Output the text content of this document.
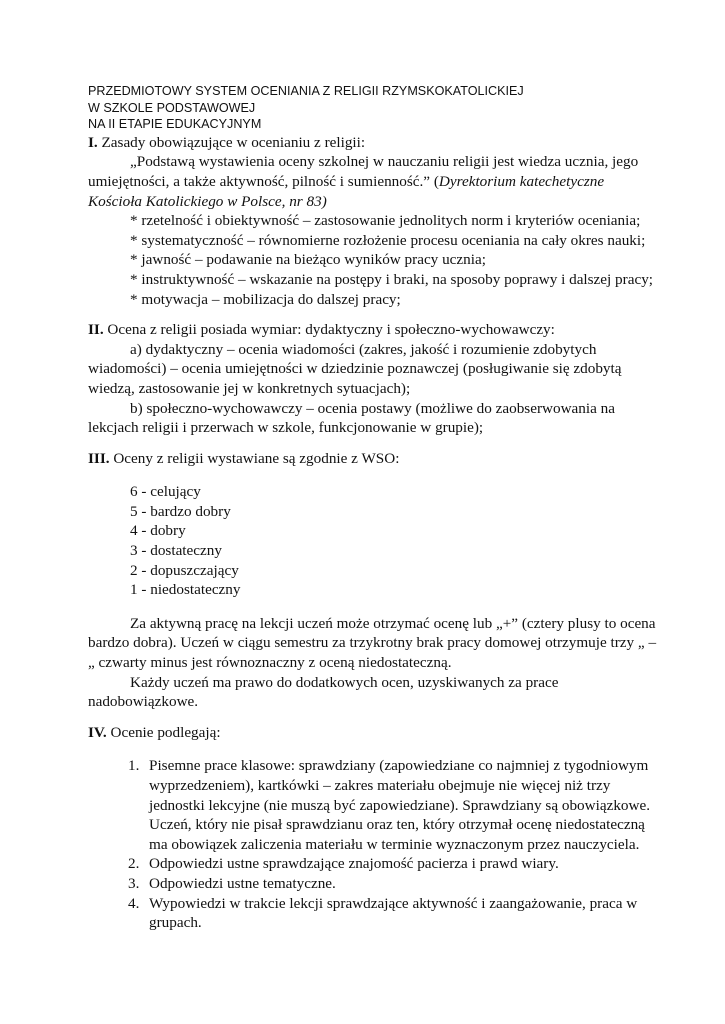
PRZEDMIOTOWY SYSTEM OCENIANIA Z RELIGII RZYMSKOKATOLICKIEJ
W SZKOLE PODSTAWOWEJ
NA II ETAPIE EDUKACYJNYM
I. Zasady obowiązujące w ocenianiu z religii:
„Podstawą wystawienia oceny szkolnej w nauczaniu religii jest wiedza ucznia, jego
umiejętności, a także aktywność, pilność i sumienność.” (Dyrektorium katechetyczne
Kościoła Katolickiego w Polsce, nr 83)
* rzetelność i obiektywność – zastosowanie jednolitych norm i kryteriów oceniania;
* systematyczność – równomierne rozłożenie procesu oceniania na cały okres nauki;
* jawność – podawanie na bieżąco wyników pracy ucznia;
* instruktywność – wskazanie na postępy i braki, na sposoby poprawy i dalszej pracy;
* motywacja – mobilizacja do dalszej pracy;
II. Ocena z religii posiada wymiar: dydaktyczny i społeczno-wychowawczy:
a) dydaktyczny – ocenia wiadomości (zakres, jakość i rozumienie zdobytych
wiadomości) – ocenia umiejętności w dziedzinie poznawczej (posługiwanie się zdobytą
wiedzą, zastosowanie jej w konkretnych sytuacjach);
b) społeczno-wychowawczy – ocenia postawy (możliwe do zaobserwowania na
lekcjach religii i przerwach w szkole, funkcjonowanie w grupie);
III. Oceny z religii wystawiane są zgodnie z WSO:
6 - celujący
5 - bardzo dobry
4 - dobry
3 - dostateczny
2 - dopuszczający
1 - niedostateczny
Za aktywną pracę na lekcji uczeń może otrzymać ocenę lub „+” (cztery plusy to ocena
bardzo dobra). Uczeń w ciągu semestru za trzykrotny brak pracy domowej otrzymuje trzy „ –
„ czwarty minus jest równoznaczny z oceną niedostateczną.
Każdy uczeń ma prawo do dodatkowych ocen, uzyskiwanych za prace
nadobowiązkowe.
IV. Ocenie podlegają:
1. Pisemne prace klasowe: sprawdziany (zapowiedziane co najmniej z tygodniowym
wyprzedzeniem), kartkówki – zakres materiału obejmuje nie więcej niż trzy
jednostki lekcyjne (nie muszą być zapowiedziane). Sprawdziany są obowiązkowe.
Uczeń, który nie pisał sprawdzianu oraz ten, który otrzymał ocenę niedostateczną
ma obowiązek zaliczenia materiału w terminie wyznaczonym przez nauczyciela.
2. Odpowiedzi ustne sprawdzające znajomość pacierza i prawd wiary.
3. Odpowiedzi ustne tematyczne.
4. Wypowiedzi w trakcie lekcji sprawdzające aktywność i zaangażowanie, praca w
grupach.
